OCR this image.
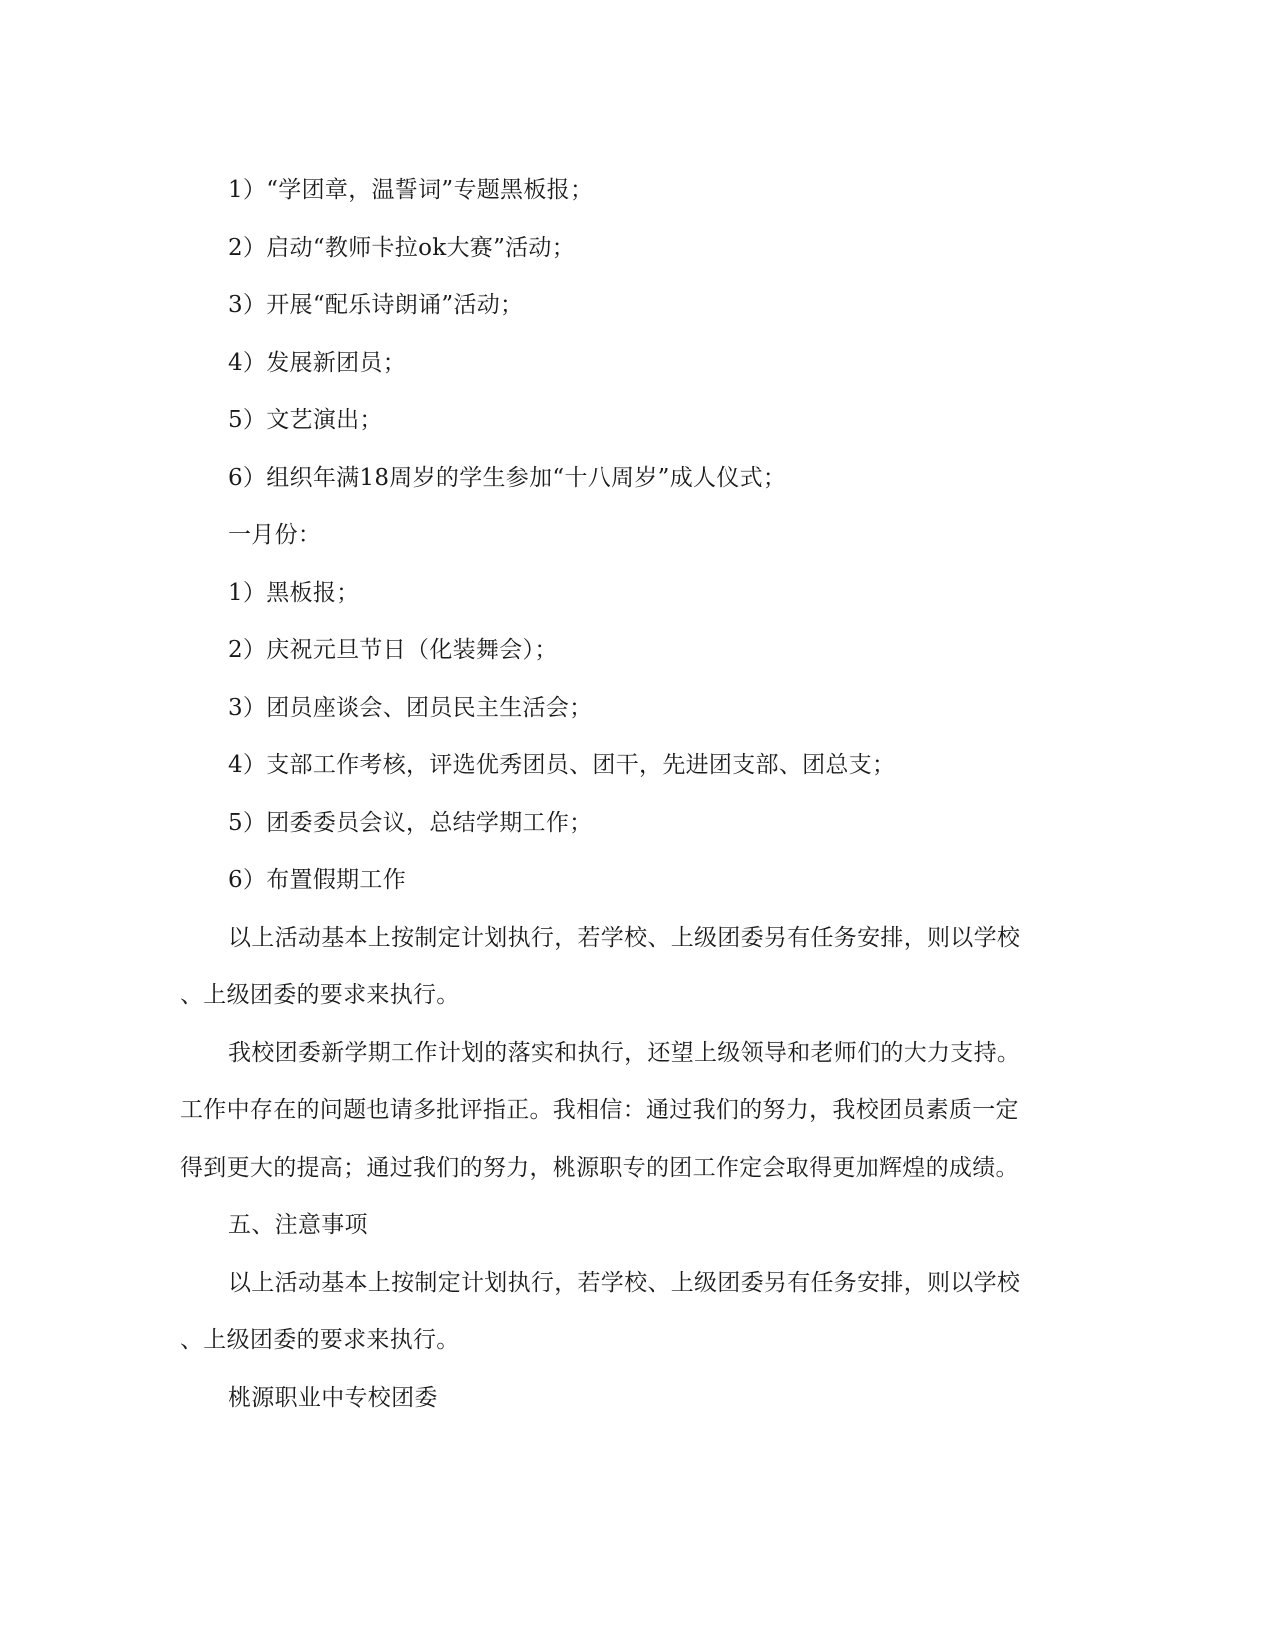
1）“学团章，温誓词”专题黑板报；
2）启动“教师卡拉ok大赛”活动；
3）开展“配乐诗朗诵”活动；
4）发展新团员；
5）文艺演出；
6）组织年满18周岁的学生参加“十八周岁”成人仪式；
一月份：
1）黑板报；
2）庆祝元旦节日（化装舞会）；
3）团员座谈会、团员民主生活会；
4）支部工作考核，评选优秀团员、团干，先进团支部、团总支；
5）团委委员会议，总结学期工作；
6）布置假期工作
以上活动基本上按制定计划执行，若学校、上级团委另有任务安排，则以学校
、上级团委的要求来执行。
我校团委新学期工作计划的落实和执行，还望上级领导和老师们的大力支持。
工作中存在的问题也请多批评指正。我相信：通过我们的努力，我校团员素质一定
得到更大的提高；通过我们的努力，桃源职专的团工作定会取得更加辉煌的成绩。
五、注意事项
以上活动基本上按制定计划执行，若学校、上级团委另有任务安排，则以学校
、上级团委的要求来执行。
桃源职业中专校团委
